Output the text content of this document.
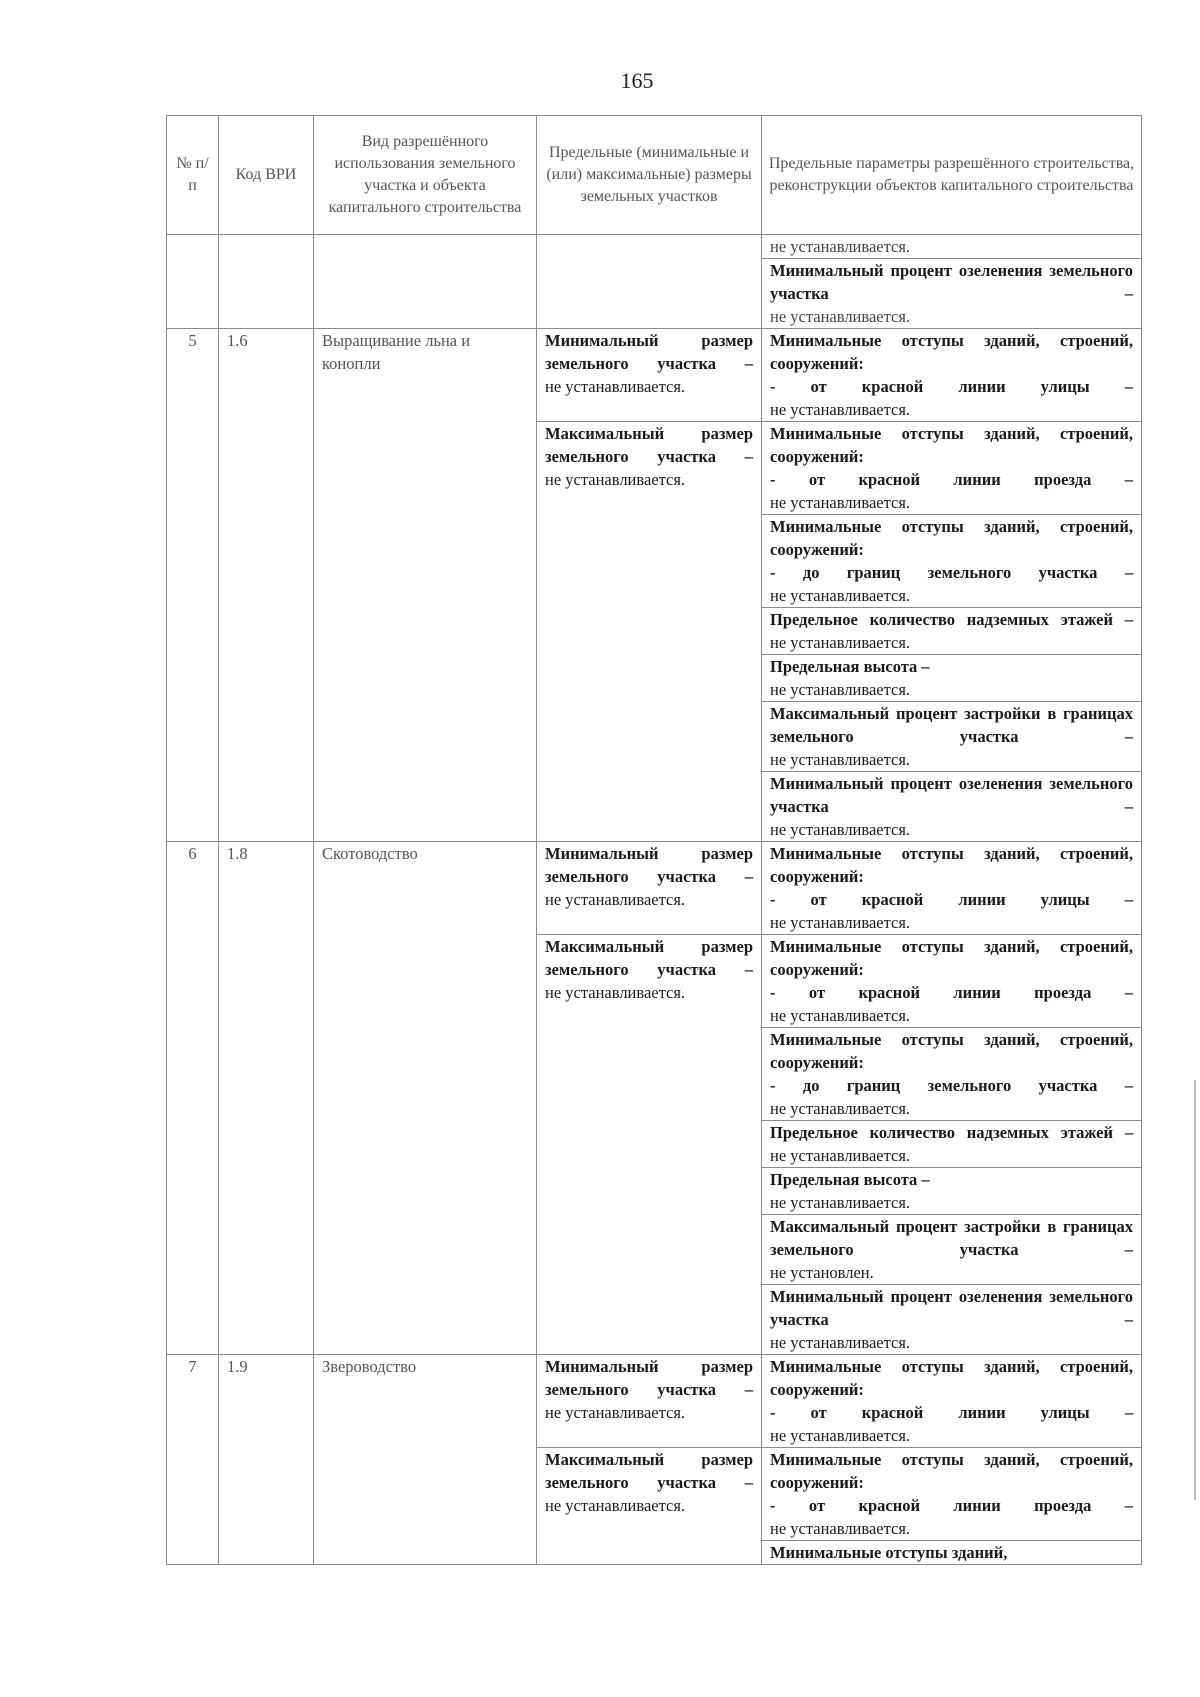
165
№ п/п	Код ВРИ	Вид разрешённого использования земельного участка и объекта капитального строительства	Предельные (минимальные и (или) максимальные) размеры земельных участков	Предельные параметры разрешённого строительства, реконструкции объектов капитального строительства
				не устанавливается.

				Минимальный процент озеленения земельного участка –
не устанавливается.
5	1.6	Выращивание льна и конопли	Минимальный размер земельного участка –
не устанавливается.	Минимальные отступы зданий, строений, сооружений:
- от красной линии улицы –
не устанавливается.

			Максимальный размер земельного участка –
не устанавливается.	Минимальные отступы зданий, строений, сооружений:
- от красной линии проезда –
не устанавливается.

				Минимальные отступы зданий, строений, сооружений:
- до границ земельного участка –
не устанавливается.

				Предельное количество надземных этажей –
не устанавливается.
				Предельная высота –
не устанавливается.

				Максимальный процент застройки в границах земельного участка –
не устанавливается.

				Минимальный процент озеленения земельного участка –
не устанавливается.
6	1.8	Скотоводство	Минимальный размер земельного участка –
не устанавливается.	Минимальные отступы зданий, строений, сооружений:
- от красной линии улицы –
не устанавливается.

			Максимальный размер земельного участка –
не устанавливается.	Минимальные отступы зданий, строений, сооружений:
- от красной линии проезда –
не устанавливается.

				Минимальные отступы зданий, строений, сооружений:
- до границ земельного участка –
не устанавливается.

				Предельное количество надземных этажей –
не устанавливается.
				Предельная высота –
не устанавливается.

				Максимальный процент застройки в границах земельного участка –
не установлен.

				Минимальный процент озеленения земельного участка –
не устанавливается.
7	1.9	Звероводство	Минимальный размер земельного участка –
не устанавливается.	Минимальные отступы зданий, строений, сооружений:
- от красной линии улицы –
не устанавливается.

			Максимальный размер земельного участка –
не устанавливается.	Минимальные отступы зданий, строений, сооружений:
- от красной линии проезда –
не устанавливается.

				Минимальные отступы зданий,
